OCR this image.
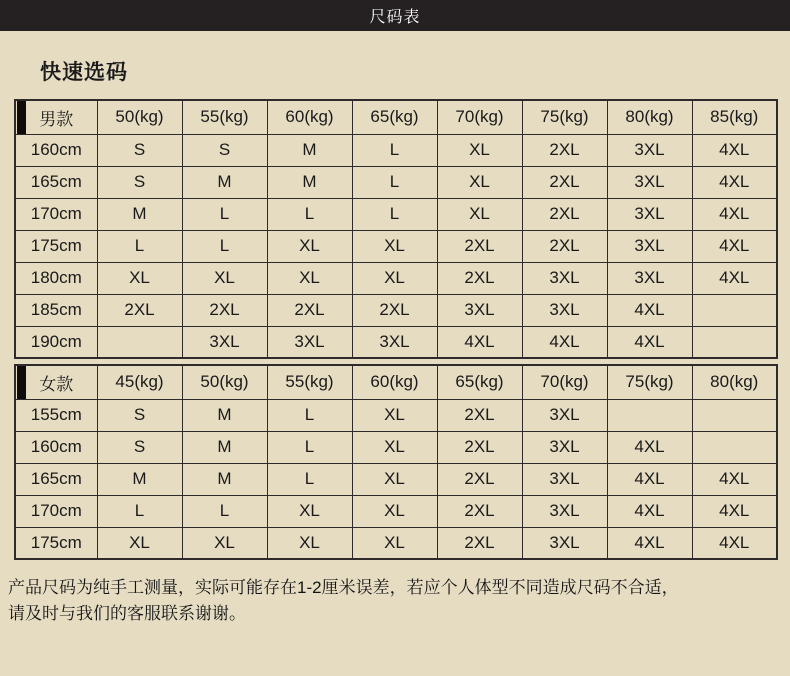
尺码表
快速选码
男款	50(kg)	55(kg)	60(kg)	65(kg)	70(kg)	75(kg)	80(kg)	85(kg)
160cm	S	S	M	L	XL	2XL	3XL	4XL
165cm	S	M	M	L	XL	2XL	3XL	4XL
170cm	M	L	L	L	XL	2XL	3XL	4XL
175cm	L	L	XL	XL	2XL	2XL	3XL	4XL
180cm	XL	XL	XL	XL	2XL	3XL	3XL	4XL
185cm	2XL	2XL	2XL	2XL	3XL	3XL	4XL	
190cm		3XL	3XL	3XL	4XL	4XL	4XL	
女款	45(kg)	50(kg)	55(kg)	60(kg)	65(kg)	70(kg)	75(kg)	80(kg)
155cm	S	M	L	XL	2XL	3XL		
160cm	S	M	L	XL	2XL	3XL	4XL	
165cm	M	M	L	XL	2XL	3XL	4XL	4XL
170cm	L	L	XL	XL	2XL	3XL	4XL	4XL
175cm	XL	XL	XL	XL	2XL	3XL	4XL	4XL
产品尺码为纯手工测量，实际可能存在1-2厘米误差，若应个人体型不同造成尺码不合适，
请及时与我们的客服联系谢谢。
